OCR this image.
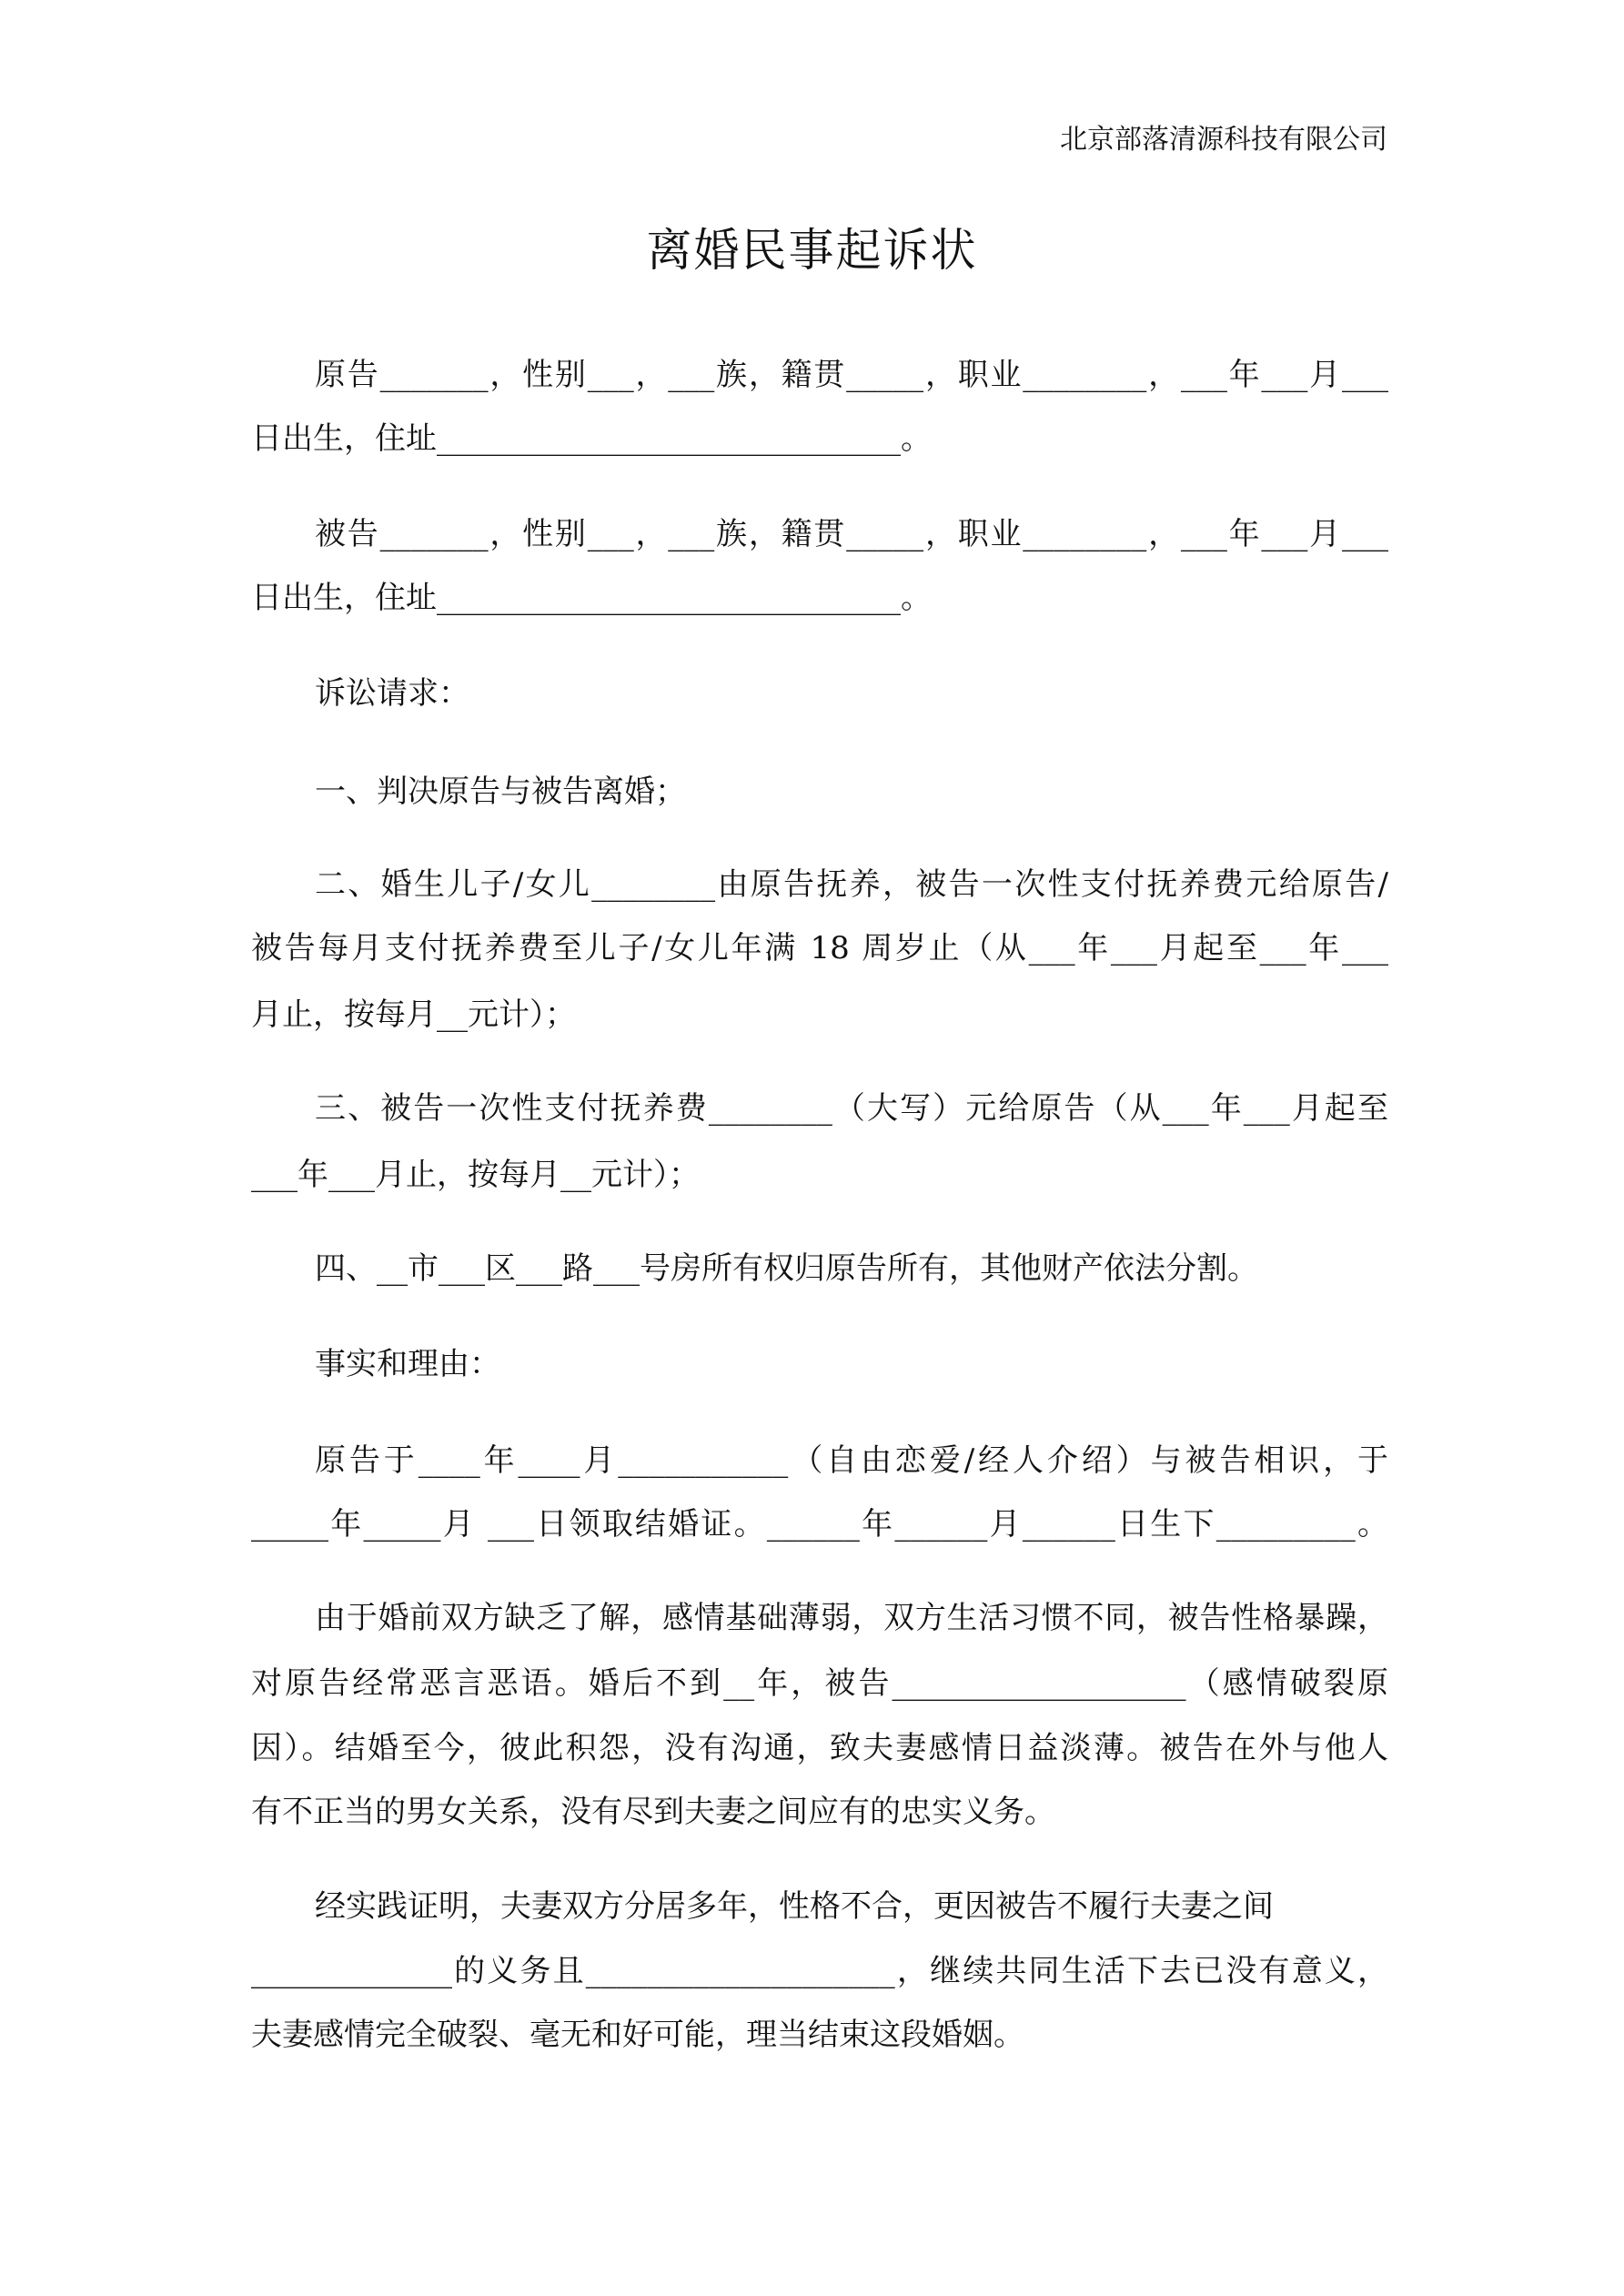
北京部落清源科技有限公司
离婚民事起诉状
原告_______，性别___，___族，籍贯_____，职业________，___年___月___
日出生，住址______________________________。
被告_______，性别___，___族，籍贯_____，职业________，___年___月___
日出生，住址______________________________。
诉讼请求：
一、判决原告与被告离婚；
二、婚生儿子/女儿________由原告抚养，被告一次性支付抚养费元给原告/
被告每月支付抚养费至儿子/女儿年满 18 周岁止（从___年___月起至___年___
月止，按每月__元计）；
三、被告一次性支付抚养费________（大写）元给原告（从___年___月起至
___年___月止，按每月__元计）；
四、__市___区___路___号房所有权归原告所有，其他财产依法分割。
事实和理由：
原告于____年____月___________（自由恋爱/经人介绍）与被告相识，于
_____年_____月 ___日领取结婚证。______年______月______日生下_________。
由于婚前双方缺乏了解，感情基础薄弱，双方生活习惯不同，被告性格暴躁，
对原告经常恶言恶语。婚后不到__年，被告___________________（感情破裂原
因）。结婚至今，彼此积怨，没有沟通，致夫妻感情日益淡薄。被告在外与他人
有不正当的男女关系，没有尽到夫妻之间应有的忠实义务。
经实践证明，夫妻双方分居多年，性格不合，更因被告不履行夫妻之间
_____________的义务且____________________，继续共同生活下去已没有意义，
夫妻感情完全破裂、毫无和好可能，理当结束这段婚姻。
